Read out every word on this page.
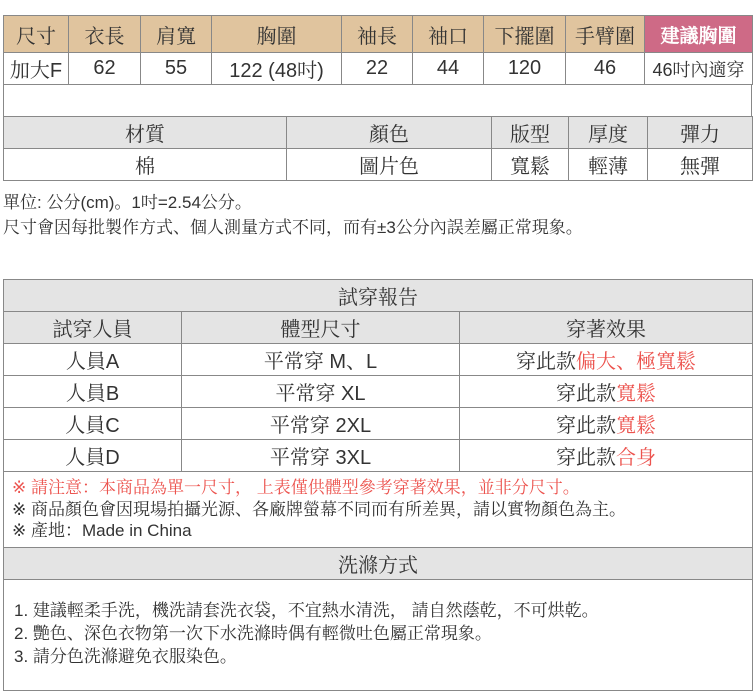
尺寸	衣長	肩寬	胸圍	袖長	袖口	下擺圍	手臂圍	建議胸圍
加大F	62	55	122 (48吋)	22	44	120	46	46吋內適穿
材質	顏色	版型	厚度	彈力
棉	圖片色	寬鬆	輕薄	無彈
單位: 公分(cm)。1吋=2.54公分。
尺寸會因每批製作方式、個人測量方式不同，而有±3公分內誤差屬正常現象。
試穿報告		
試穿人員	體型尺寸	穿著效果
人員A	平常穿 M、L	穿此款偏大、極寬鬆
人員B	平常穿 XL	穿此款寬鬆
人員C	平常穿 2XL	穿此款寬鬆
人員D	平常穿 3XL	穿此款合身

※ 請注意：本商品為單一尺寸， 上表僅供體型參考穿著效果，並非分尺寸。
※ 商品顏色會因現場拍攝光源、各廠牌螢幕不同而有所差異，請以實物顏色為主。
※ 產地：Made in China		

洗滌方式		

1. 建議輕柔手洗，機洗請套洗衣袋，不宜熱水清洗， 請自然蔭乾，不可烘乾。
2. 艷色、深色衣物第一次下水洗滌時偶有輕微吐色屬正常現象。
3. 請分色洗滌避免衣服染色。		
